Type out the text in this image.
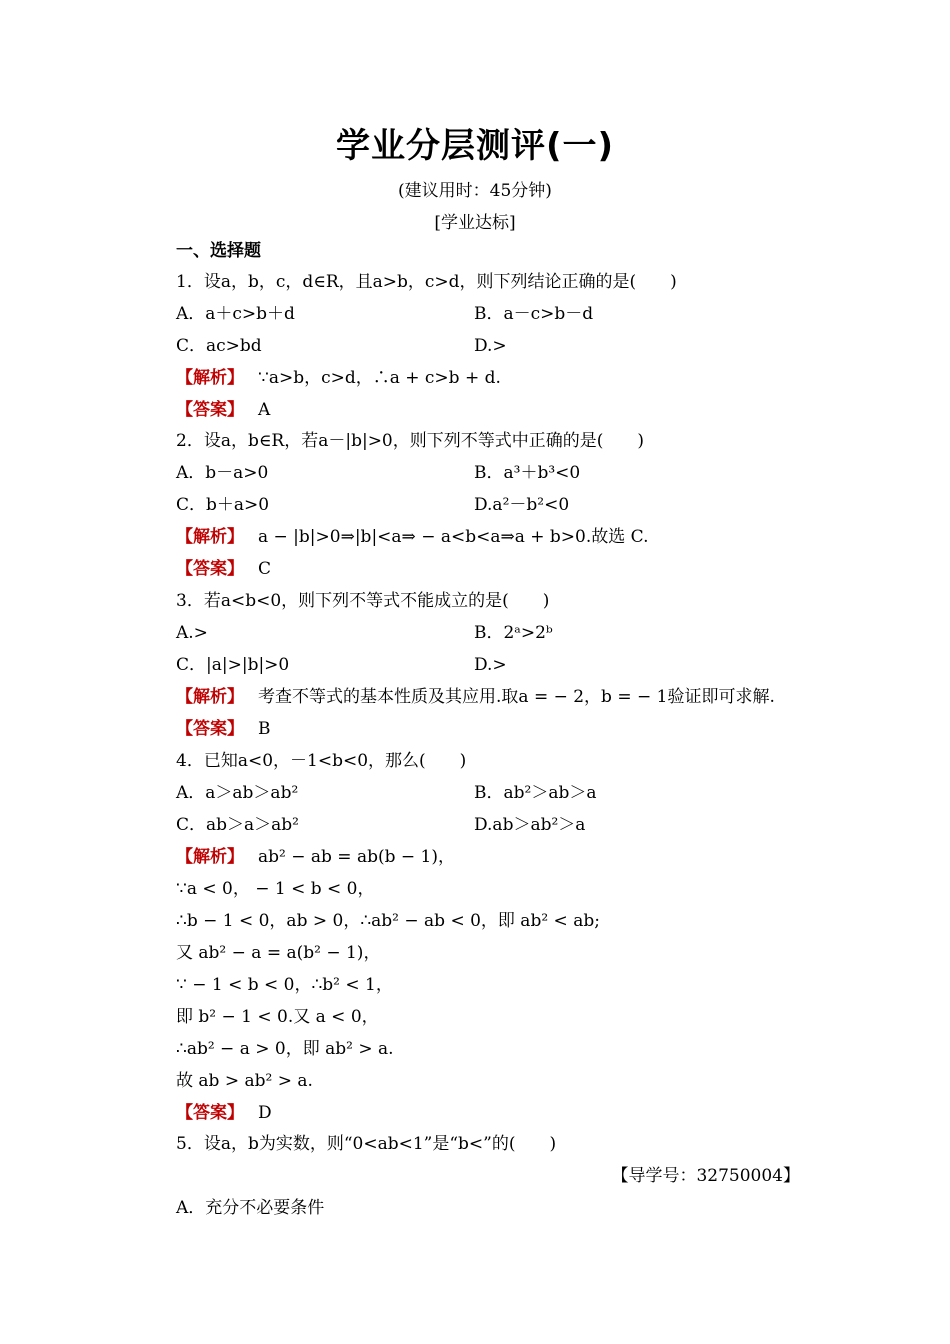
学业分层测评(一)
(建议用时：45分钟)
[学业达标]
一、选择题
1．设a，b，c，d∈R，且a>b，c>d，则下列结论正确的是(　　)
A．a＋c>b＋d	B．a－c>b－d
C．ac>bd	D.>
【解析】 ∵a>b，c>d，∴a + c>b + d.
【答案】 A
2．设a，b∈R，若a－|b|>0，则下列不等式中正确的是(　　)
A．b－a>0	B．a³＋b³<0
C．b＋a>0	D.a²－b²<0
【解析】 a − |b|>0⇒|b|<a⇒ − a<b<a⇒a + b>0.故选 C.
【答案】 C
3．若a<b<0，则下列不等式不能成立的是(　　)
A.>	B．2ᵃ>2ᵇ
C．|a|>|b|>0	D.>
【解析】 考查不等式的基本性质及其应用.取a = − 2，b = − 1验证即可求解.
【答案】 B
4．已知a<0，－1<b<0，那么(　　)
A．a＞ab＞ab²	B．ab²＞ab＞a
C．ab＞a＞ab²	D.ab＞ab²＞a
【解析】 ab² − ab = ab(b − 1)，
∵a < 0， − 1 < b < 0，
∴b − 1 < 0，ab > 0，∴ab² − ab < 0，即 ab² < ab;
又 ab² − a = a(b² − 1)，
∵ − 1 < b < 0，∴b² < 1，
即 b² − 1 < 0.又 a < 0，
∴ab² − a > 0，即 ab² > a.
故 ab > ab² > a.
【答案】 D
5．设a，b为实数，则“0<ab<1”是“b<”的(　　)
【导学号：32750004】
A．充分不必要条件
